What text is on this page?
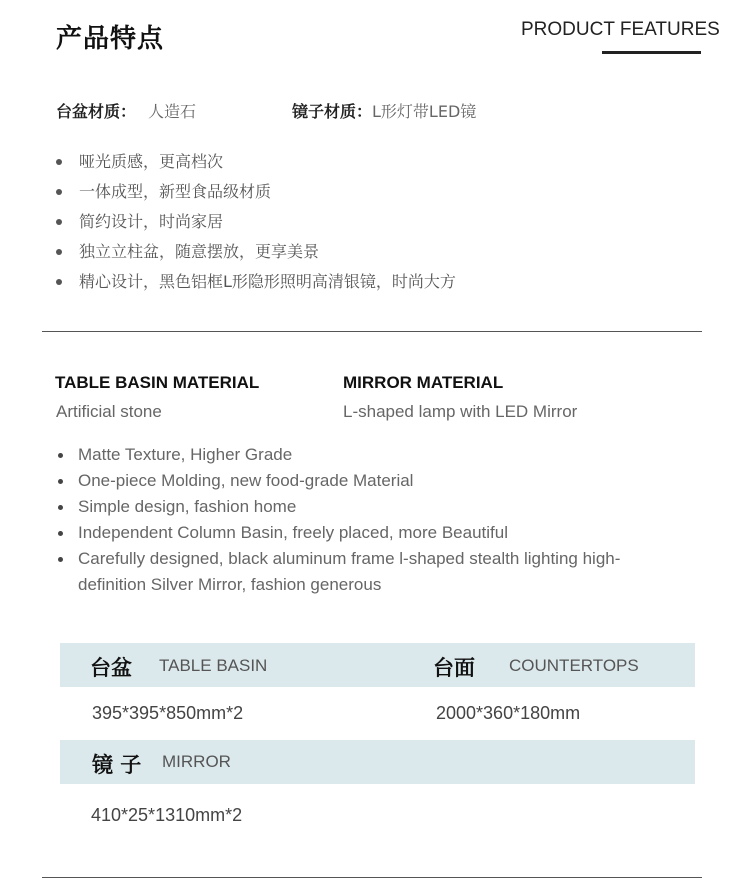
产品特点	PRODUCT FEATURES
台盆材质： 人造石	镜子材质：L形灯带LED镜
哑光质感，更高档次
一体成型，新型食品级材质
简约设计，时尚家居
独立立柱盆，随意摆放，更享美景
精心设计，黑色铝框L形隐形照明高清银镜，时尚大方
TABLE BASIN MATERIAL
Artificial stone
MIRROR MATERIAL
L-shaped lamp with LED Mirror
Matte Texture, Higher Grade
One-piece Molding, new food-grade Material
Simple design, fashion home
Independent Column Basin, freely placed, more Beautiful
Carefully designed, black aluminum frame l-shaped stealth lighting high-definition Silver Mirror, fashion generous
台盆 TABLE BASIN	台面 COUNTERTOPS
395*395*850mm*2	2000*360*180mm
镜 子 MIRROR
410*25*1310mm*2
